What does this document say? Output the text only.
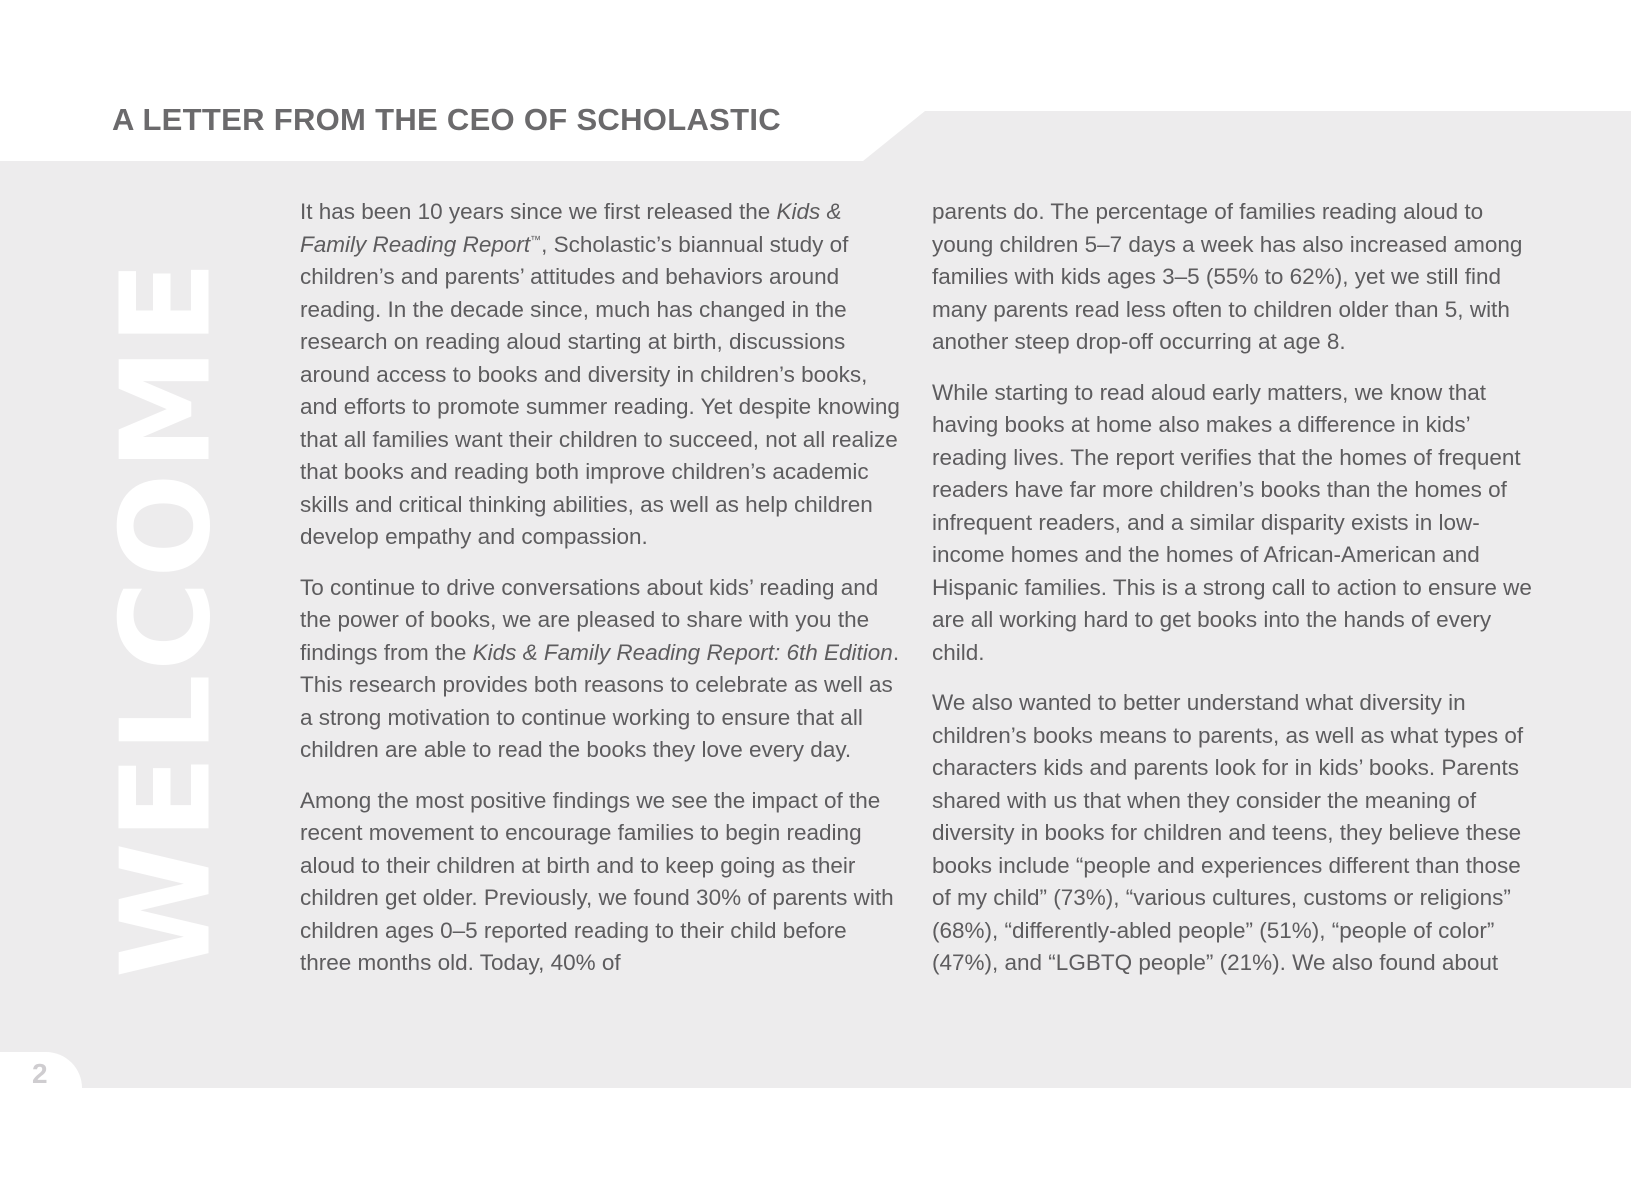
A LETTER FROM THE CEO OF SCHOLASTIC
WELCOME

It has been 10 years since we first released the Kids & Family Reading Report™, Scholastic’s biannual study of children’s and parents’ attitudes and behaviors around reading. In the decade since, much has changed in the research on reading aloud starting at birth, discussions around access to books and diversity in children’s books, and efforts to promote summer reading. Yet despite knowing that all families want their children to succeed, not all realize that books and reading both improve children’s academic skills and critical thinking abilities, as well as help children develop empathy and compassion.

To continue to drive conversations about kids’ reading and the power of books, we are pleased to share with you the findings from the Kids & Family Reading Report: 6th Edition. This research provides both reasons to celebrate as well as a strong motivation to continue working to ensure that all children are able to read the books they love every day.

Among the most positive findings we see the impact of the recent movement to encourage families to begin reading aloud to their children at birth and to keep going as their children get older. Previously, we found 30% of parents with children ages 0–5 reported reading to their child before three months old. Today, 40% of

parents do. The percentage of families reading aloud to young children 5–7 days a week has also increased among families with kids ages 3–5 (55% to 62%), yet we still find many parents read less often to children older than 5, with another steep drop-off occurring at age 8.

While starting to read aloud early matters, we know that having books at home also makes a difference in kids’ reading lives. The report verifies that the homes of frequent readers have far more children’s books than the homes of infrequent readers, and a similar disparity exists in low-income homes and the homes of African-American and Hispanic families. This is a strong call to action to ensure we are all working hard to get books into the hands of every child.

We also wanted to better understand what diversity in children’s books means to parents, as well as what types of characters kids and parents look for in kids’ books. Parents shared with us that when they consider the meaning of diversity in books for children and teens, they believe these books include “people and experiences different than those of my child” (73%), “various cultures, customs or religions” (68%), “differently-abled people” (51%), “people of color” (47%), and “LGBTQ people” (21%). We also found about

2
